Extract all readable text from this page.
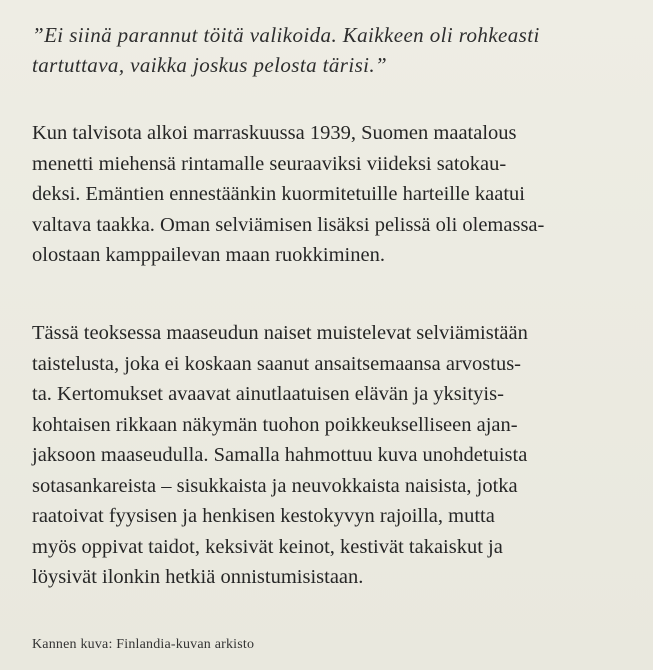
”Ei siinä parannut töitä valikoida. Kaikkeen oli rohkeasti
tartuttava, vaikka joskus pelosta tärisi.”
Kun talvisota alkoi marraskuussa 1939, Suomen maatalous
menetti miehensä rintamalle seuraaviksi viideksi satokau-
deksi. Emäntien ennestäänkin kuormitetuille harteille kaatui
valtava taakka. Oman selviämisen lisäksi pelissä oli olemassa-
olostaan kamppailevan maan ruokkiminen.
Tässä teoksessa maaseudun naiset muistelevat selviämistään
taistelusta, joka ei koskaan saanut ansaitsemaansa arvostus-
ta. Kertomukset avaavat ainutlaatuisen elävän ja yksityis-
kohtaisen rikkaan näkymän tuohon poikkeukselliseen ajan-
jaksoon maaseudulla. Samalla hahmottuu kuva unohdetuista
sotasankareista – sisukkaista ja neuvokkaista naisista, jotka
raatoivat fyysisen ja henkisen kestokyvyn rajoilla, mutta
myös oppivat taidot, keksivät keinot, kestivät takaiskut ja
löysivät ilonkin hetkiä onnistumisistaan.
Kannen kuva: Finlandia-kuvan arkisto
